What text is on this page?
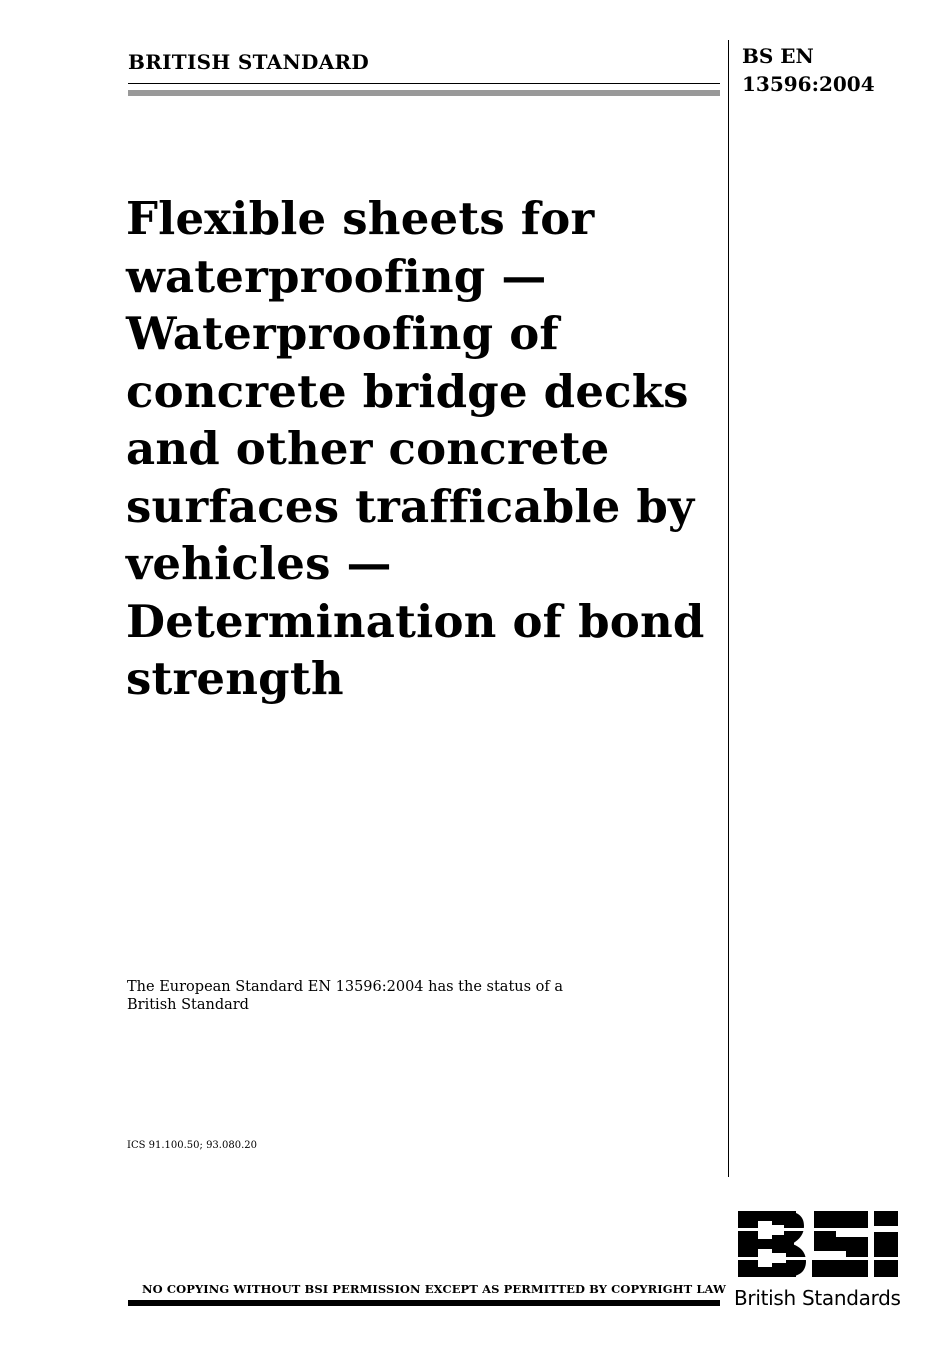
BRITISH STANDARD	BS EN
13596:2004
Flexible sheets for
waterproofing —
Waterproofing of
concrete bridge decks
and other concrete
surfaces trafficable by
vehicles —
Determination of bond
strength
The European Standard EN 13596:2004 has the status of a
British Standard
ICS 91.100.50; 93.080.20
NO COPYING WITHOUT BSI PERMISSION EXCEPT AS PERMITTED BY COPYRIGHT LAW British Standards
